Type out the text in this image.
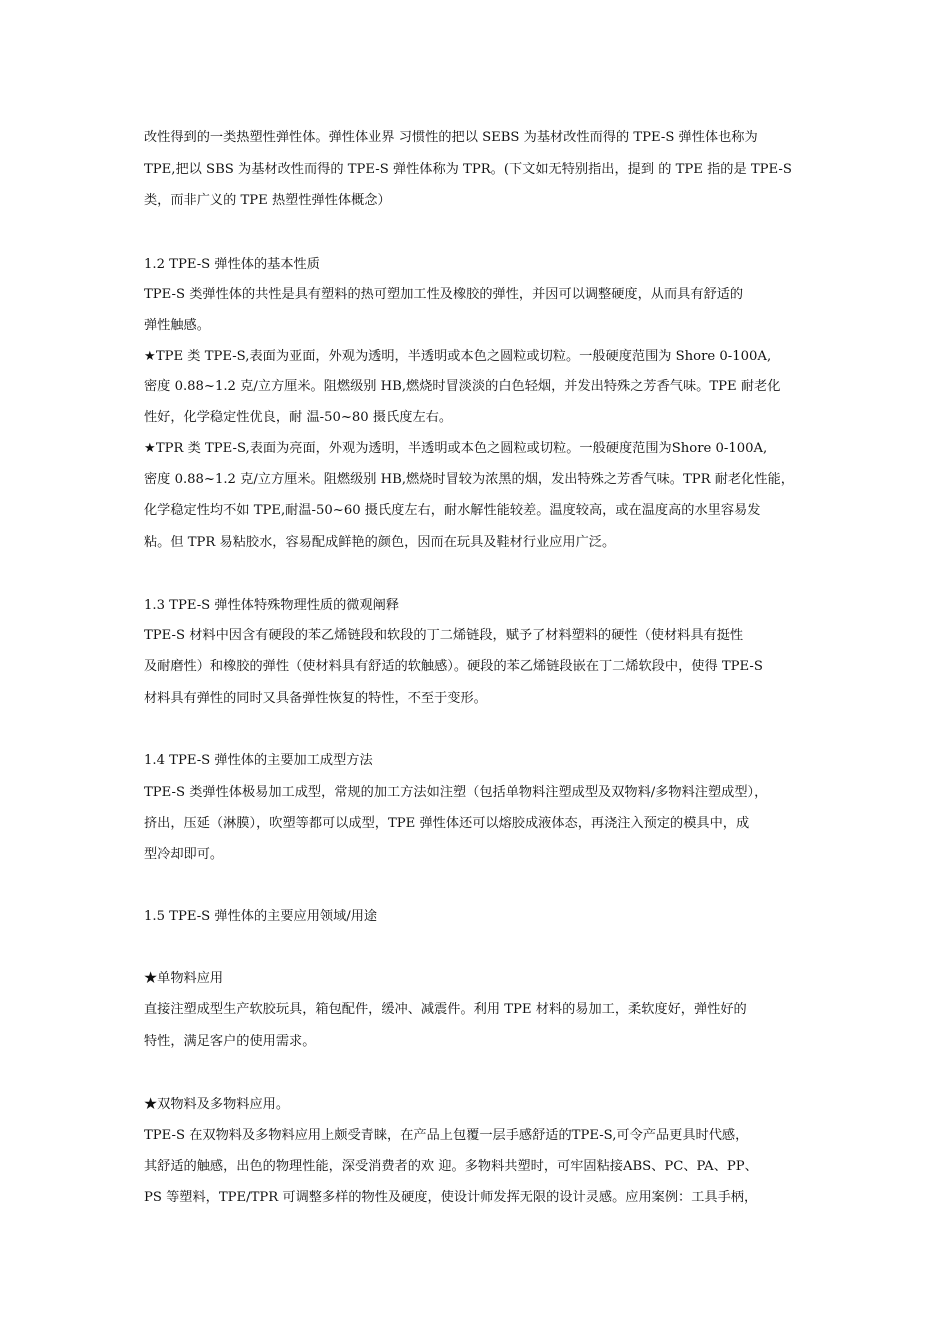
改性得到的一类热塑性弹性体。弹性体业界 习惯性的把以 SEBS 为基材改性而得的 TPE-S 弹性体也称为
TPE,把以 SBS 为基材改性而得的 TPE-S 弹性体称为 TPR。(下文如无特别指出，提到 的 TPE 指的是 TPE-S
类，而非广义的 TPE 热塑性弹性体概念）
1.2 TPE-S 弹性体的基本性质
TPE-S 类弹性体的共性是具有塑料的热可塑加工性及橡胶的弹性，并因可以调整硬度，从而具有舒适的
弹性触感。
★TPE 类 TPE-S,表面为亚面，外观为透明，半透明或本色之圆粒或切粒。一般硬度范围为 Shore 0-100A,
密度 0.88~1.2 克/立方厘米。阻燃级别 HB,燃烧时冒淡淡的白色轻烟，并发出特殊之芳香气味。TPE 耐老化
性好，化学稳定性优良，耐 温-50~80 摄氏度左右。
★TPR 类 TPE-S,表面为亮面，外观为透明，半透明或本色之圆粒或切粒。一般硬度范围为Shore 0-100A,
密度 0.88~1.2 克/立方厘米。阻燃级别 HB,燃烧时冒较为浓黑的烟，发出特殊之芳香气味。TPR 耐老化性能，
化学稳定性均不如 TPE,耐温-50~60 摄氏度左右，耐水解性能较差。温度较高，或在温度高的水里容易发
粘。但 TPR 易粘胶水，容易配成鲜艳的颜色，因而在玩具及鞋材行业应用广泛。
1.3 TPE-S 弹性体特殊物理性质的微观阐释
TPE-S 材料中因含有硬段的苯乙烯链段和软段的丁二烯链段，赋予了材料塑料的硬性（使材料具有挺性
及耐磨性）和橡胶的弹性（使材料具有舒适的软触感）。硬段的苯乙烯链段嵌在丁二烯软段中，使得 TPE-S
材料具有弹性的同时又具备弹性恢复的特性，不至于变形。
1.4 TPE-S 弹性体的主要加工成型方法
TPE-S 类弹性体极易加工成型，常规的加工方法如注塑（包括单物料注塑成型及双物料/多物料注塑成型），
挤出，压延（淋膜），吹塑等都可以成型，TPE 弹性体还可以熔胶成液体态，再浇注入预定的模具中，成
型冷却即可。
1.5 TPE-S 弹性体的主要应用领域/用途
★单物料应用
直接注塑成型生产软胶玩具，箱包配件，缓冲、减震件。利用 TPE 材料的易加工，柔软度好，弹性好的
特性，满足客户的使用需求。
★双物料及多物料应用。
TPE-S 在双物料及多物料应用上颇受青睐，在产品上包覆一层手感舒适的TPE-S,可令产品更具时代感，
其舒适的触感，出色的物理性能，深受消费者的欢 迎。多物料共塑时，可牢固粘接ABS、PC、PA、PP、
PS 等塑料，TPE/TPR 可调整多样的物性及硬度，使设计师发挥无限的设计灵感。应用案例：工具手柄，
